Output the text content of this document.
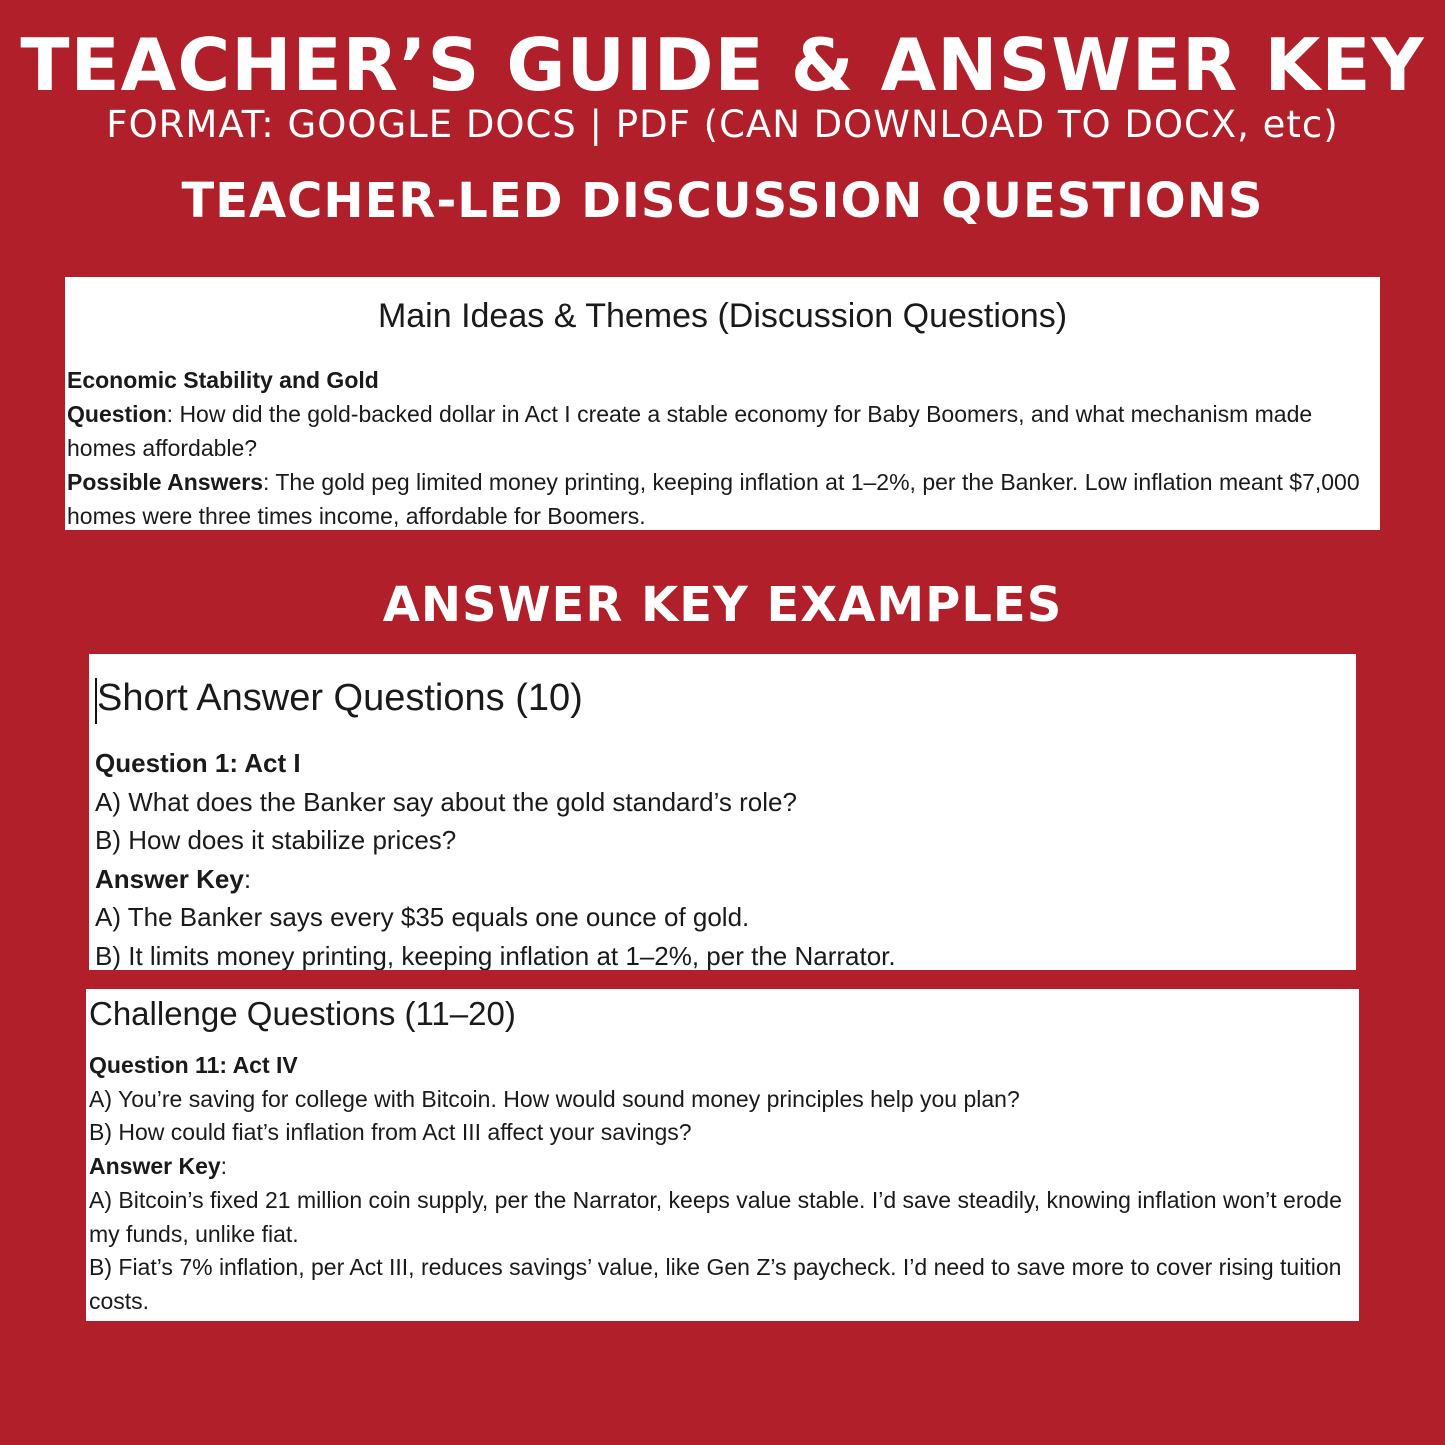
TEACHER’S GUIDE & ANSWER KEY
FORMAT: GOOGLE DOCS | PDF (CAN DOWNLOAD TO DOCX, etc)
TEACHER-LED DISCUSSION QUESTIONS

Main Ideas & Themes (Discussion Questions)

Economic Stability and Gold

Question: How did the gold-backed dollar in Act I create a stable economy for Baby Boomers, and what mechanism made homes affordable?

Possible Answers: The gold peg limited money printing, keeping inflation at 1–2%, per the Banker. Low inflation meant $7,000 homes were three times income, affordable for Boomers.

ANSWER KEY EXAMPLES

Short Answer Questions (10)

Question 1: Act I

A) What does the Banker say about the gold standard’s role?

B) How does it stabilize prices?

Answer Key:

A) The Banker says every $35 equals one ounce of gold.

B) It limits money printing, keeping inflation at 1–2%, per the Narrator.

Challenge Questions (11–20)

Question 11: Act IV

A) You’re saving for college with Bitcoin. How would sound money principles help you plan?

B) How could fiat’s inflation from Act III affect your savings?

Answer Key:

A) Bitcoin’s fixed 21 million coin supply, per the Narrator, keeps value stable. I’d save steadily, knowing inflation won’t erode my funds, unlike fiat.

B) Fiat’s 7% inflation, per Act III, reduces savings’ value, like Gen Z’s paycheck. I’d need to save more to cover rising tuition costs.
